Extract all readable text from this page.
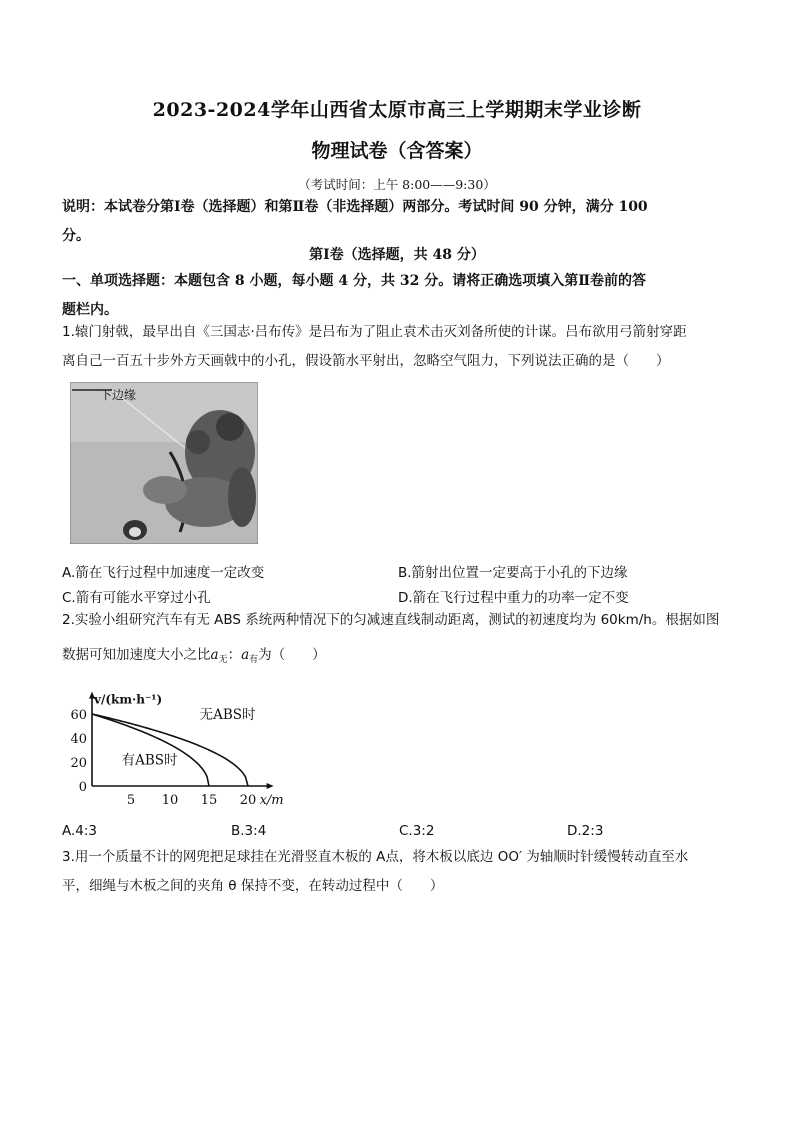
2023-2024学年山西省太原市高三上学期期末学业诊断
物理试卷（含答案）
（考试时间：上午 8:00——9:30）
说明：本试卷分第Ⅰ卷（选择题）和第Ⅱ卷（非选择题）两部分。考试时间 90 分钟，满分 100
分。
第Ⅰ卷（选择题，共 48 分）
一、单项选择题：本题包含 8 小题，每小题 4 分，共 32 分。请将正确选项填入第Ⅱ卷前的答
题栏内。
1.辕门射戟，最早出自《三国志·吕布传》是吕布为了阻止袁术击灭刘备所使的计谋。吕布欲用弓箭射穿距
离自己一百五十步外方天画戟中的小孔，假设箭水平射出，忽略空气阻力，下列说法正确的是（　　）
下边缘
A.箭在飞行过程中加速度一定改变	B.箭射出位置一定要高于小孔的下边缘
C.箭有可能水平穿过小孔	D.箭在飞行过程中重力的功率一定不变
2.实验小组研究汽车有无 ABS 系统两种情况下的匀减速直线制动距离，测试的初速度均为 60km/h。根据如图
数据可知加速度大小之比$a_无$：$a_有$为（　　）
0
20
40
60
5 10 15 20
v/(km·h⁻¹)
x/m
无ABS时
有ABS时
A.4:3	B.3:4	C.3:2	D.2:3
3.用一个质量不计的网兜把足球挂在光滑竖直木板的 A点，将木板以底边 OO′ 为轴顺时针缓慢转动直至水
平，细绳与木板之间的夹角 θ 保持不变，在转动过程中（　　）
